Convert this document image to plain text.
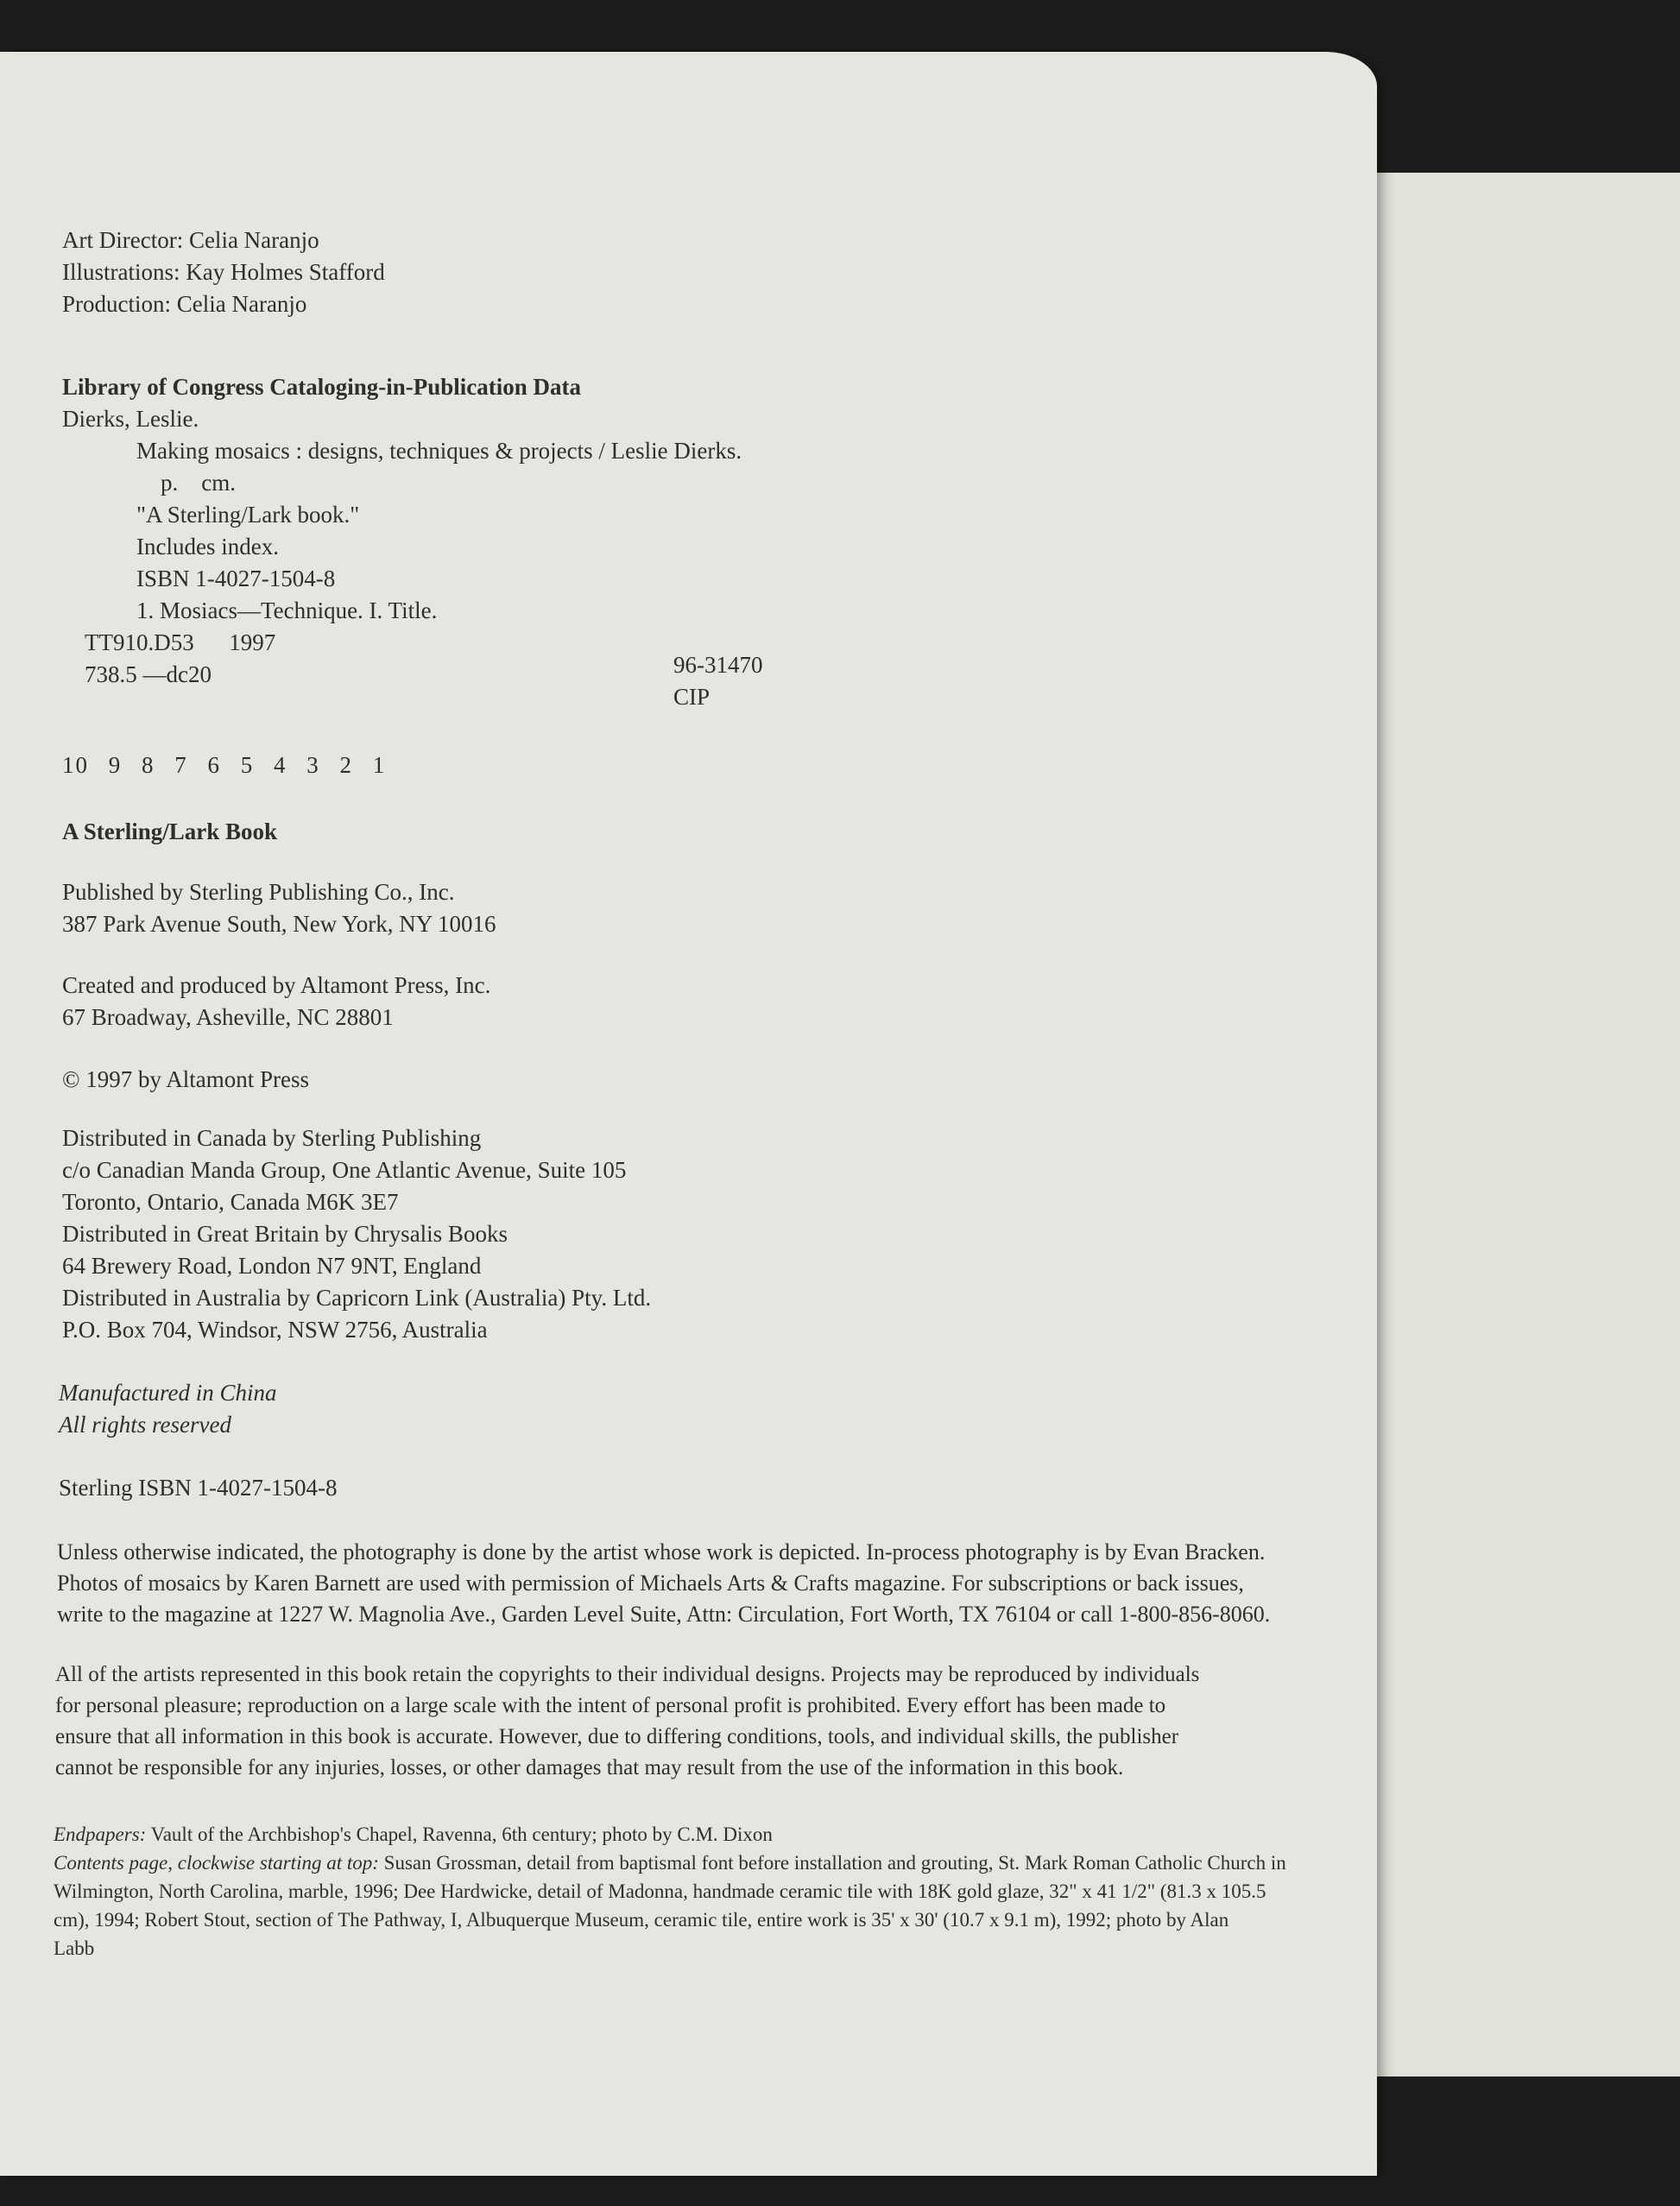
Art Director: Celia Naranjo
Illustrations: Kay Holmes Stafford
Production: Celia Naranjo
Library of Congress Cataloging-in-Publication Data
Dierks, Leslie.
Making mosaics : designs, techniques & projects / Leslie Dierks.
p.    cm.
"A Sterling/Lark book."
Includes index.
ISBN 1-4027-1504-8
1. Mosiacs—Technique. I. Title.
TT910.D53      1997
738.5 —dc20	96-31470
CIP
10 9 8 7 6 5 4 3 2 1
A Sterling/Lark Book
Published by Sterling Publishing Co., Inc.
387 Park Avenue South, New York, NY 10016
Created and produced by Altamont Press, Inc.
67 Broadway, Asheville, NC 28801
© 1997 by Altamont Press
Distributed in Canada by Sterling Publishing
c/o Canadian Manda Group, One Atlantic Avenue, Suite 105
Toronto, Ontario, Canada M6K 3E7
Distributed in Great Britain by Chrysalis Books
64 Brewery Road, London N7 9NT, England
Distributed in Australia by Capricorn Link (Australia) Pty. Ltd.
P.O. Box 704, Windsor, NSW 2756, Australia
Manufactured in China
All rights reserved
Sterling ISBN 1-4027-1504-8
Unless otherwise indicated, the photography is done by the artist whose work is depicted. In-process photography is by Evan Bracken.
Photos of mosaics by Karen Barnett are used with permission of Michaels Arts & Crafts magazine. For subscriptions or back issues,
write to the magazine at 1227 W. Magnolia Ave., Garden Level Suite, Attn: Circulation, Fort Worth, TX 76104 or call 1-800-856-8060.
All of the artists represented in this book retain the copyrights to their individual designs. Projects may be reproduced by individuals
for personal pleasure; reproduction on a large scale with the intent of personal profit is prohibited. Every effort has been made to
ensure that all information in this book is accurate. However, due to differing conditions, tools, and individual skills, the publisher
cannot be responsible for any injuries, losses, or other damages that may result from the use of the information in this book.
Endpapers: Vault of the Archbishop's Chapel, Ravenna, 6th century; photo by C.M. Dixon
Contents page, clockwise starting at top: Susan Grossman, detail from baptismal font before installation and grouting, St. Mark Roman Catholic Church in
Wilmington, North Carolina, marble, 1996; Dee Hardwicke, detail of Madonna, handmade ceramic tile with 18K gold glaze, 32" x 41 1/2" (81.3 x 105.5
cm), 1994; Robert Stout, section of The Pathway, I, Albuquerque Museum, ceramic tile, entire work is 35' x 30' (10.7 x 9.1 m), 1992; photo by Alan
Labb
